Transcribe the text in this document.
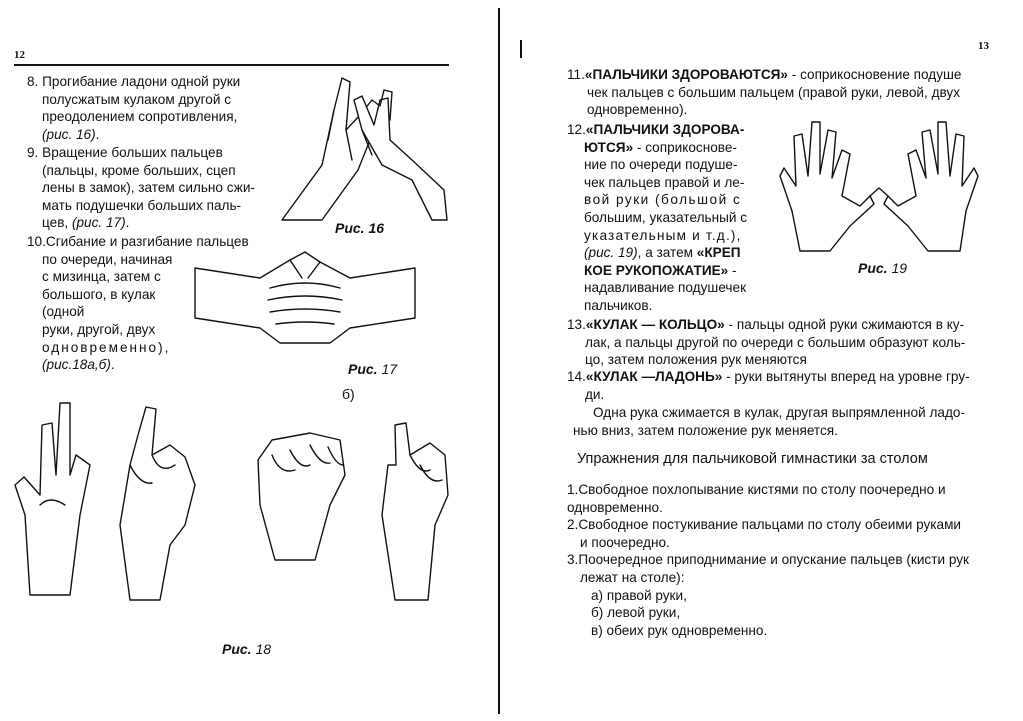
12
8. Прогибание ладони одной руки
полусжатым кулаком другой с
преодолением сопротивления,
(рис. 16).
9. Вращение больших пальцев
(пальцы, кроме больших, сцеп
лены в замок), затем сильно сжи-
мать подушечки больших паль-
цев, (рис. 17).
10.Сгибание и разгибание пальцев
по очереди, начиная
с мизинца, затем с
большого, в кулак
(одной
руки, другой, двух
одновременно),
(рис.18а,б).
Рис. 16
Рис. 17
б)
Рис. 18
13
11.«ПАЛЬЧИКИ ЗДОРОВАЮТСЯ» - соприкосновение подуше
чек пальцев с большим пальцем (правой руки, левой, двух
одновременно).
12.«ПАЛЬЧИКИ ЗДОРОВА-
ЮТСЯ» - соприкоснове-
ние по очереди подуше-
чек пальцев правой и ле-
вой руки (большой с
большим, указательный с
указательным и т.д.),
(рис. 19), а затем «КРЕП
КОЕ РУКОПОЖАТИЕ» -
надавливание подушечек
пальчиков.
Рис. 19
13.«КУЛАК — КОЛЬЦО» - пальцы одной руки сжимаются в ку-
лак, а пальцы другой по очереди с большим образуют коль-
цо, затем положения рук меняются
14.«КУЛАК —ЛАДОНЬ» - руки вытянуты вперед на уровне гру-
ди.
Одна рука сжимается в кулак, другая выпрямленной ладо-
нью вниз, затем положение рук меняется.
Упражнения для пальчиковой гимнастики за столом
1.Свободное похлопывание кистями по столу поочередно и
одновременно.
2.Свободное постукивание пальцами по столу обеими руками
и поочередно.
3.Поочередное приподнимание и опускание пальцев (кисти рук
лежат на столе):
а) правой руки,
б) левой руки,
в) обеих рук одновременно.
